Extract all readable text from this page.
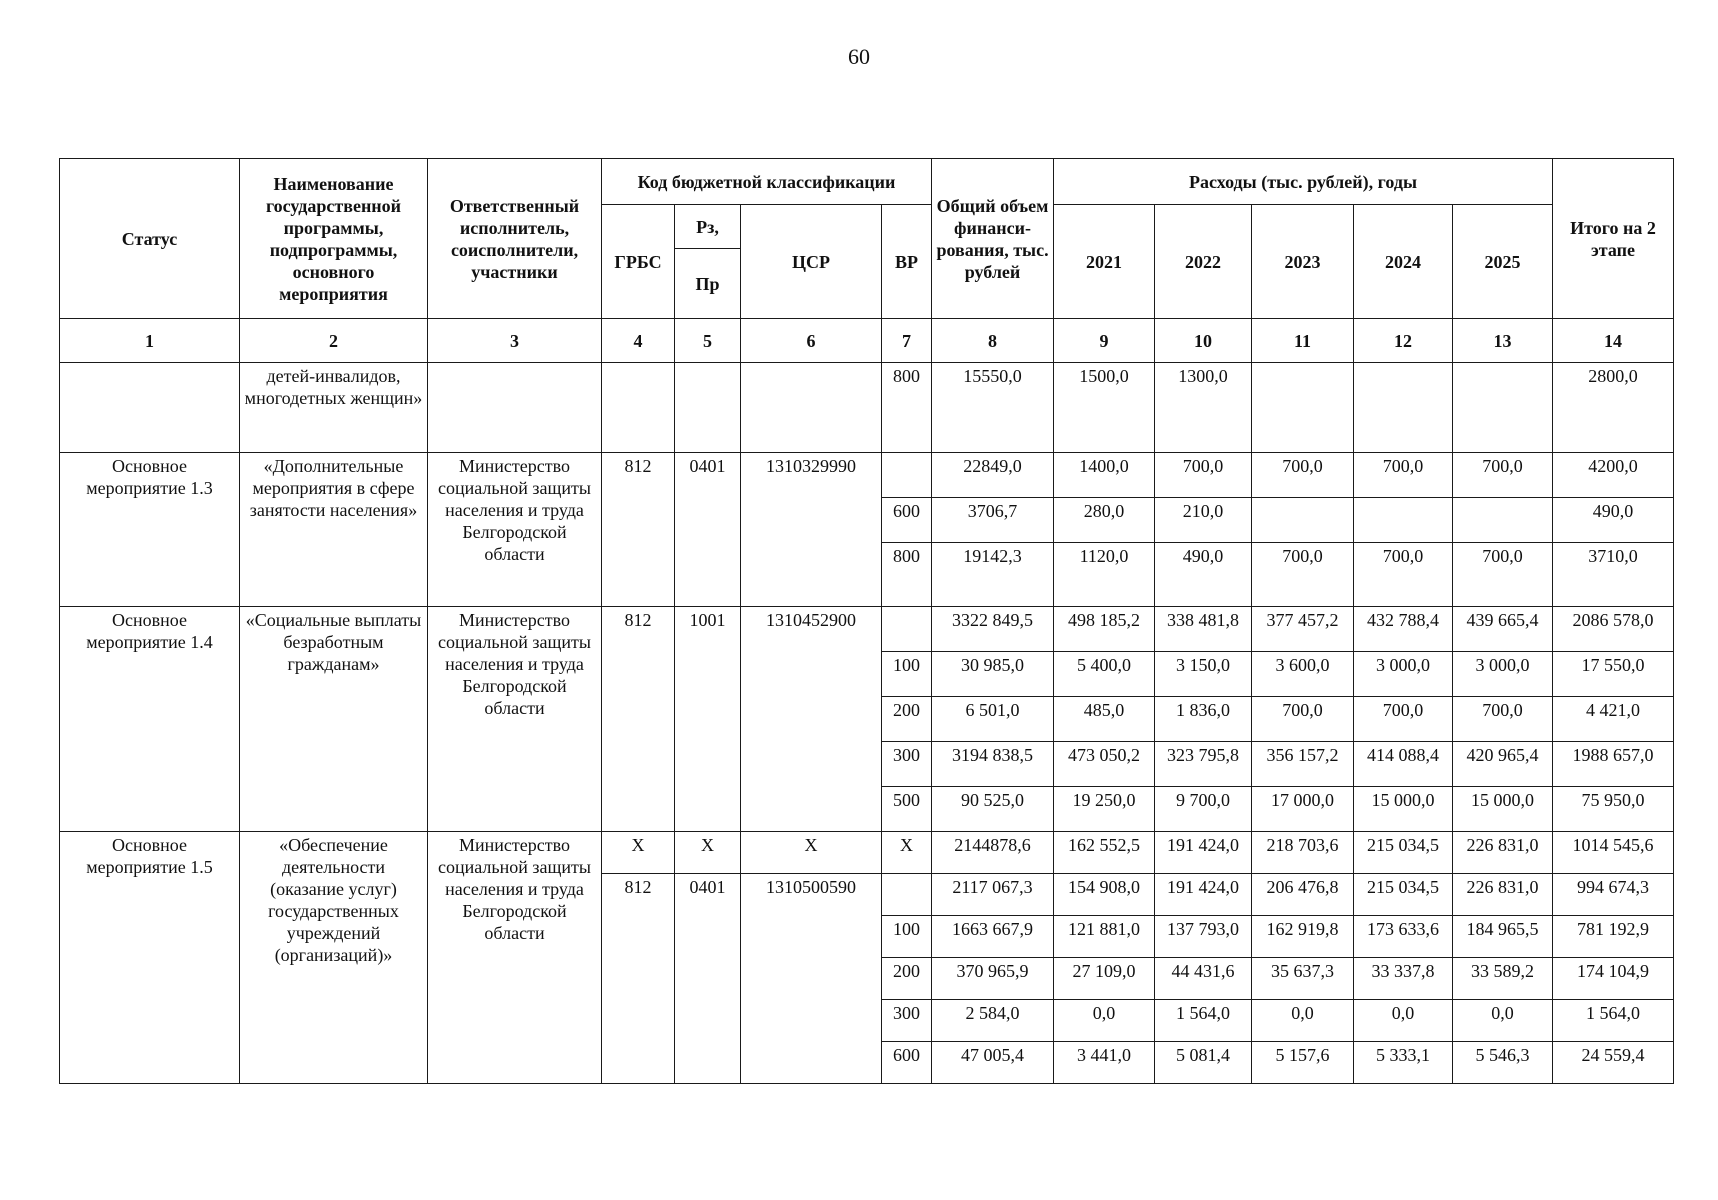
60
Статус	Наименование государственной программы, подпрограммы, основного мероприятия	Ответственный исполнитель, соисполнители, участники	Код бюджетной классификации				Общий объем финанси-рования, тыс. рублей	Расходы (тыс. рублей), годы					Итого на 2 этапе
			ГРБС	Рз,	ЦСР	ВР		2021	2022	2023	2024	2025	
				Пр									
1	2	3	4	5	6	7	8	9	10	11	12	13	14
	детей-инвалидов, многодетных женщин»					800	15550,0	1500,0	1300,0				2800,0
Основное мероприятие 1.3	«Дополнительные мероприятия в сфере занятости населения»	Министерство социальной защиты населения и труда Белгородской области	812	0401	1310329990		22849,0	1400,0	700,0	700,0	700,0	700,0	4200,0
						600	3706,7	280,0	210,0				490,0
						800	19142,3	1120,0	490,0	700,0	700,0	700,0	3710,0
Основное мероприятие 1.4	«Социальные выплаты безработным гражданам»	Министерство социальной защиты населения и труда Белгородской области	812	1001	1310452900		3322 849,5	498 185,2	338 481,8	377 457,2	432 788,4	439 665,4	2086 578,0
						100	30 985,0	5 400,0	3 150,0	3 600,0	3 000,0	3 000,0	17 550,0
						200	6 501,0	485,0	1 836,0	700,0	700,0	700,0	4 421,0
						300	3194 838,5	473 050,2	323 795,8	356 157,2	414 088,4	420 965,4	1988 657,0
						500	90 525,0	19 250,0	9 700,0	17 000,0	15 000,0	15 000,0	75 950,0
Основное мероприятие 1.5	«Обеспечение деятельности (оказание услуг) государственных учреждений (организаций)»	Министерство социальной защиты населения и труда Белгородской области	X	X	X	X	2144878,6	162 552,5	191 424,0	218 703,6	215 034,5	226 831,0	1014 545,6
			812	0401	1310500590		2117 067,3	154 908,0	191 424,0	206 476,8	215 034,5	226 831,0	994 674,3
						100	1663 667,9	121 881,0	137 793,0	162 919,8	173 633,6	184 965,5	781 192,9
						200	370 965,9	27 109,0	44 431,6	35 637,3	33 337,8	33 589,2	174 104,9
						300	2 584,0	0,0	1 564,0	0,0	0,0	0,0	1 564,0
						600	47 005,4	3 441,0	5 081,4	5 157,6	5 333,1	5 546,3	24 559,4
